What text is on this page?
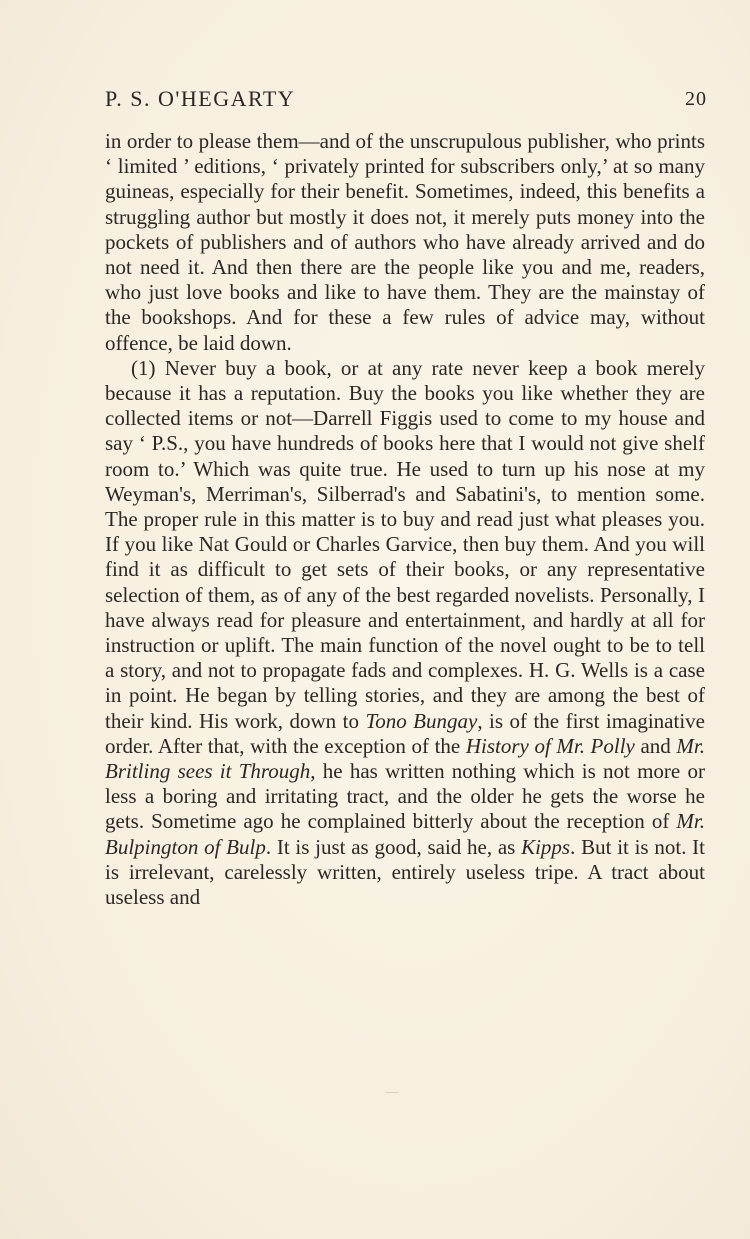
P. S. O'HEGARTY	20

in order to please them—and of the unscrupulous publisher, who prints ‘ limited ’ editions, ‘ privately printed for subscribers only,’ at so many guineas, especially for their benefit. Sometimes, indeed, this benefits a struggling author but mostly it does not, it merely puts money into the pockets of publishers and of authors who have already arrived and do not need it. And then there are the people like you and me, readers, who just love books and like to have them. They are the mainstay of the bookshops. And for these a few rules of advice may, without offence, be laid down.

(1) Never buy a book, or at any rate never keep a book merely because it has a reputation. Buy the books you like whether they are collected items or not—Darrell Figgis used to come to my house and say ‘ P.S., you have hundreds of books here that I would not give shelf room to.’ Which was quite true. He used to turn up his nose at my Weyman's, Merriman's, Silberrad's and Sabatini's, to mention some. The proper rule in this matter is to buy and read just what pleases you. If you like Nat Gould or Charles Garvice, then buy them. And you will find it as difficult to get sets of their books, or any representative selection of them, as of any of the best regarded novelists. Personally, I have always read for pleasure and entertainment, and hardly at all for instruction or uplift. The main function of the novel ought to be to tell a story, and not to propagate fads and complexes. H. G. Wells is a case in point. He began by telling stories, and they are among the best of their kind. His work, down to Tono Bungay, is of the first imaginative order. After that, with the exception of the History of Mr. Polly and Mr. Britling sees it Through, he has written nothing which is not more or less a boring and irritating tract, and the older he gets the worse he gets. Sometime ago he complained bitterly about the reception of Mr. Bulpington of Bulp. It is just as good, said he, as Kipps. But it is not. It is irrelevant, carelessly written, entirely useless tripe. A tract about useless and
